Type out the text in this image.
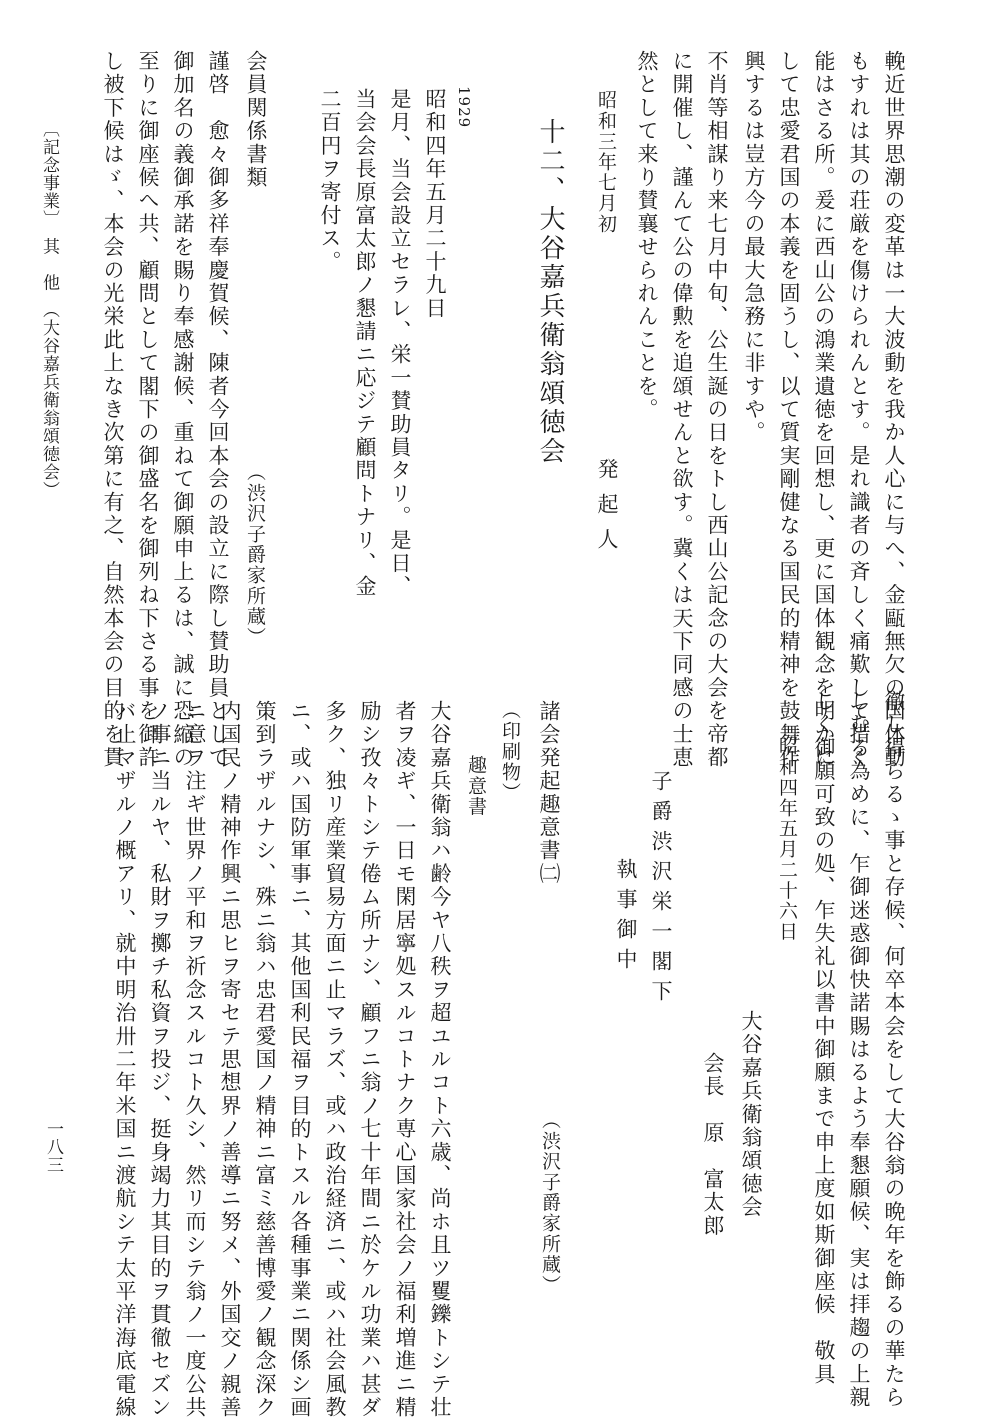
輓近世界思潮の変革は一大波動を我か人心に与へ、金甌無欠の国体動
もすれは其の荘厳を傷けられんとす。是れ識者の斉しく痛歎して措く
能はさる所。爰に西山公の鴻業遺徳を回想し、更に国体観念を明かに
して忠愛君国の本義を固うし、以て質実剛健なる国民的精神を鼓舞作
興するは豈方今の最大急務に非すや。
不肖等相謀り来七月中旬、公生誕の日をトし西山公記念の大会を帝都
に開催し、謹んて公の偉勲を追頌せんと欲す。冀くは天下同感の士恵
然として来り賛襄せられんことを。
昭和三年七月初
発起人
十二、大谷嘉兵衛翁頌徳会
1929
昭和四年五月二十九日
是月、当会設立セラレ、栄一賛助員タリ。是日、
当会会長原富太郎ノ懇請ニ応ジテ顧問トナリ、金
二百円ヲ寄付ス。
会員関係書類
（渋沢子爵家所蔵）
謹啓　愈々御多祥奉慶賀候、陳者今回本会の設立に際し賛助員として
御加名の義御承諾を賜り奉感謝候、重ねて御願申上るは、誠に恐縮の
至りに御座候へ共、顧問として閣下の御盛名を御列ね下さる事を御許
し被下候はゞ、本会の光栄此上なき次第に有之、自然本会の目的を貫
〔記念事業〕　其　他　（大谷嘉兵衛翁頌徳会）
徹し得らるゝ事と存候、何卒本会をして大谷翁の晩年を飾るの華たら
しむる為めに、乍御迷惑御快諾賜はるよう奉懇願候、実は拝趨の上親
しく御願可致の処、乍失礼以書中御願まで申上度如斯御座候　敬具
昭和四年五月二十六日
大谷嘉兵衛翁頌徳会
会長　原　富太郎
子爵渋沢栄一閣下
執事御中
諸会発起趣意書㈡
（渋沢子爵家所蔵）
（印刷物）
趣意書
大谷嘉兵衛翁ハ齢今ヤ八秩ヲ超ユルコト六歳、尚ホ且ツ矍鑠トシテ壮
者ヲ凌ギ、一日モ閑居寧処スルコトナク専心国家社会ノ福利増進ニ精
励シ孜々トシテ倦ム所ナシ、顧フニ翁ノ七十年間ニ於ケル功業ハ甚ダ
多ク、独リ産業貿易方面ニ止マラズ、或ハ政治経済ニ、或ハ社会風教
ニ、或ハ国防軍事ニ、其他国利民福ヲ目的トスル各種事業ニ関係シ画
策到ラザルナシ、殊ニ翁ハ忠君愛国ノ精神ニ富ミ慈善博愛ノ観念深ク
内国民ノ精神作興ニ思ヒヲ寄セテ思想界ノ善導ニ努メ、外国交ノ親善
ニ意ヲ注ギ世界ノ平和ヲ祈念スルコト久シ、然リ而シテ翁ノ一度公共
ノ事ニ当ルヤ、私財ヲ擲チ私資ヲ投ジ、挺身竭力其目的ヲ貫徹セズン
バ止マザルノ概アリ、就中明治卅二年米国ニ渡航シテ太平洋海底電線
一八三
